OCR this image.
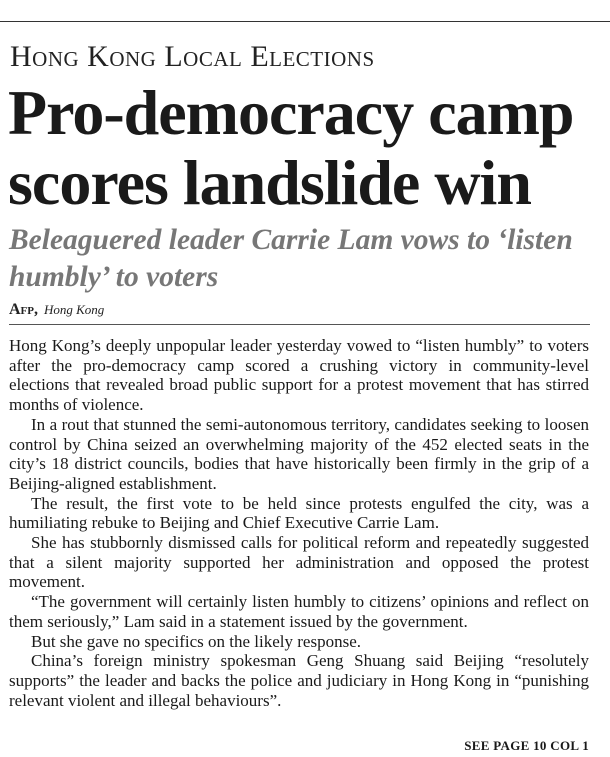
Hong Kong Local Elections
Pro-democracy camp scores landslide win
Beleaguered leader Carrie Lam vows to ‘listen humbly’ to voters
Afp, Hong Kong

Hong Kong’s deeply unpopular leader yesterday vowed to “listen humbly” to voters after the pro-democracy camp scored a crushing victory in community-level elections that revealed broad public support for a protest movement that has stirred months of violence.

In a rout that stunned the semi-autonomous territory, candidates seeking to loosen control by China seized an overwhelming majority of the 452 elected seats in the city’s 18 district councils, bodies that have historically been firmly in the grip of a Beijing-aligned establishment.

The result, the first vote to be held since protests engulfed the city, was a humiliating rebuke to Beijing and Chief Executive Carrie Lam.

She has stubbornly dismissed calls for political reform and repeatedly suggested that a silent majority supported her administration and opposed the protest movement.

“The government will certainly listen humbly to citizens’ opinions and reflect on them seriously,” Lam said in a statement issued by the government.

But she gave no specifics on the likely response.

China’s foreign ministry spokesman Geng Shuang said Beijing “resolutely supports” the leader and backs the police and judiciary in Hong Kong in “punishing relevant violent and illegal behaviours”.

SEE PAGE 10 COL 1
